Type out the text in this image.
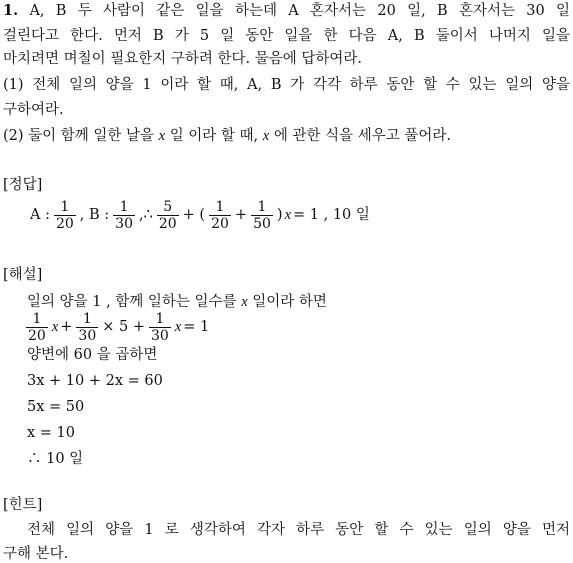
1. A, B 두 사람이 같은 일을 하는데 A 혼자서는 20 일, B 혼자서는 30 일
걸린다고 한다. 먼저 B 가 5 일 동안 일을 한 다음 A, B 둘이서 나머지 일을
마치려면 며칠이 필요한지 구하려 한다. 물음에 답하여라.
(1) 전체 일의 양을 1 이라 할 때, A, B 가 각각 하루 동안 할 수 있는 일의 양을
구하여라.
(2) 둘이 함께 일한 날을 x 일 이라 할 때, x 에 관한 식을 세우고 풀어라.
[정답]
A : $\frac{1}{20}$ , B : $\frac{1}{30}$ ,∴ $\frac{5}{20}$ + ( $\frac{1}{20} + \frac{1}{50}$ ) x = 1 , 10 일
[해설]
일의 양을 1 , 함께 일하는 일수를 x 일이라 하면
$\frac{1}{20}$ $x + \frac{1}{30} \times 5 + \frac{1}{30}$ x = 1
양변에 60 을 곱하면
3x + 10 + 2x = 60
5x = 50
x = 10
∴ 10 일
[힌트]
전체 일의 양을 1 로 생각하여 각자 하루 동안 할 수 있는 일의 양을 먼저
구해 본다.
